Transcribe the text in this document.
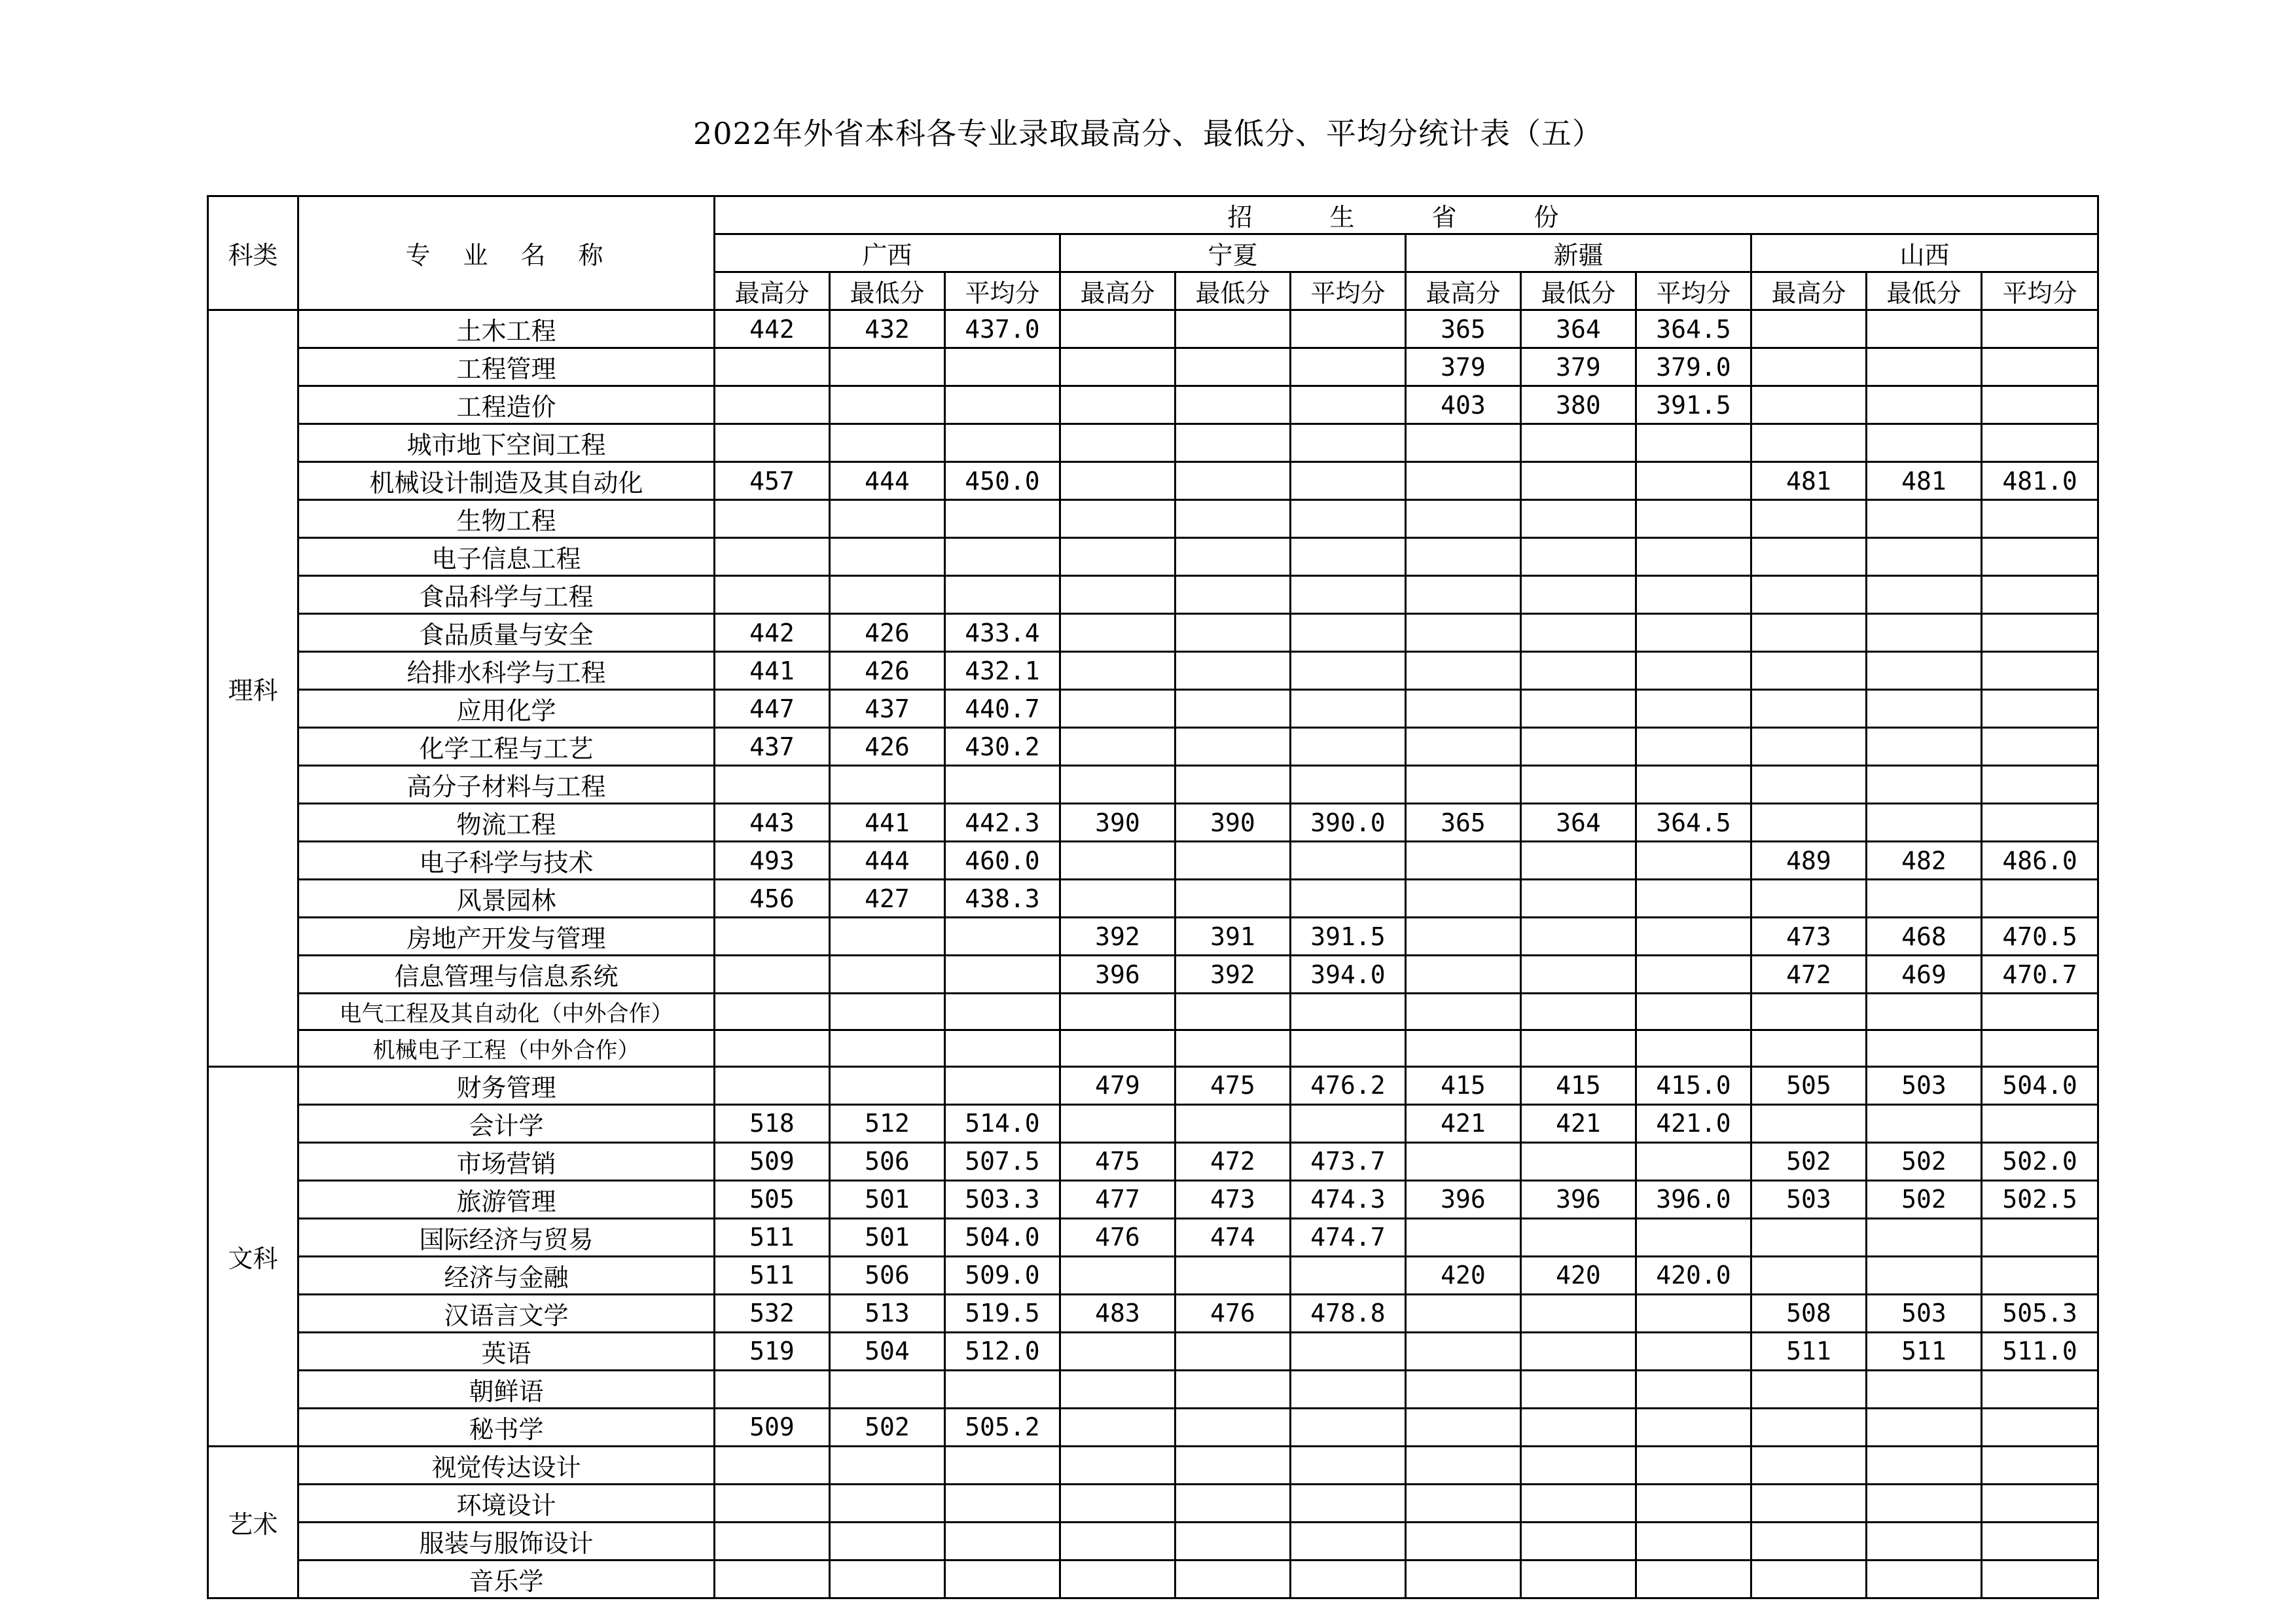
2022年外省本科各专业录取最高分、最低分、平均分统计表（五）
科类	专　业　名　称	招　生　省　份											
		广西			宁夏			新疆			山西		
		最高分	最低分	平均分	最高分	最低分	平均分	最高分	最低分	平均分	最高分	最低分	平均分
理科	土木工程	442	432	437.0				365	364	364.5			
	工程管理							379	379	379.0			
	工程造价							403	380	391.5			
	城市地下空间工程												
	机械设计制造及其自动化	457	444	450.0							481	481	481.0
	生物工程												
	电子信息工程												
	食品科学与工程												
	食品质量与安全	442	426	433.4									
	给排水科学与工程	441	426	432.1									
	应用化学	447	437	440.7									
	化学工程与工艺	437	426	430.2									
	高分子材料与工程												
	物流工程	443	441	442.3	390	390	390.0	365	364	364.5			
	电子科学与技术	493	444	460.0							489	482	486.0
	风景园林	456	427	438.3									
	房地产开发与管理				392	391	391.5				473	468	470.5
	信息管理与信息系统				396	392	394.0				472	469	470.7
	电气工程及其自动化（中外合作）												
	机械电子工程（中外合作）												
文科	财务管理				479	475	476.2	415	415	415.0	505	503	504.0
	会计学	518	512	514.0				421	421	421.0			
	市场营销	509	506	507.5	475	472	473.7				502	502	502.0
	旅游管理	505	501	503.3	477	473	474.3	396	396	396.0	503	502	502.5
	国际经济与贸易	511	501	504.0	476	474	474.7						
	经济与金融	511	506	509.0				420	420	420.0			
	汉语言文学	532	513	519.5	483	476	478.8				508	503	505.3
	英语	519	504	512.0							511	511	511.0
	朝鲜语												
	秘书学	509	502	505.2									
艺术	视觉传达设计												
	环境设计												
	服装与服饰设计												
	音乐学												
